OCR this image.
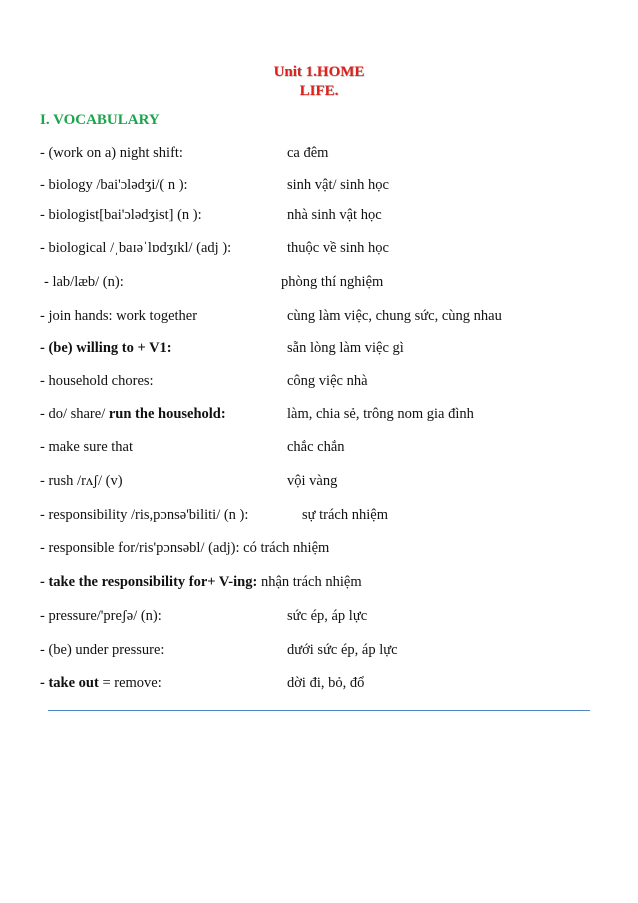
Unit 1.HOME
LIFE.
I. VOCABULARY
- (work on a) night shift:	ca đêm
- biology /bai'ɔlədʒi/( n ):	sinh vật/ sinh học
- biologist[bai'ɔlədʒist] (n ):	nhà sinh vật học
- biological /ˌbaɪəˈlɒdʒɪkl/ (adj ):	thuộc về sinh học
- lab/læb/ (n):	phòng thí nghiệm
- join hands: work together	cùng làm việc, chung sức, cùng nhau
- (be) willing to + V1:	sẵn lòng làm việc gì
- household chores:	công việc nhà
- do/ share/ run the household:	làm, chia sẻ, trông nom gia đình
- make sure that	chắc chắn
- rush /rʌʃ/ (v)	vội vàng
- responsibility /ris,pɔnsə'biliti/ (n ):	sự trách nhiệm
- responsible for/ris'pɔnsəbl/ (adj): có trách nhiệm
- take the responsibility for+ V-ing: nhận trách nhiệm
- pressure/'preʃə/ (n):	sức ép, áp lực
- (be) under pressure:	dưới sức ép, áp lực
- take out = remove:	dời đi, bỏ, đổ
